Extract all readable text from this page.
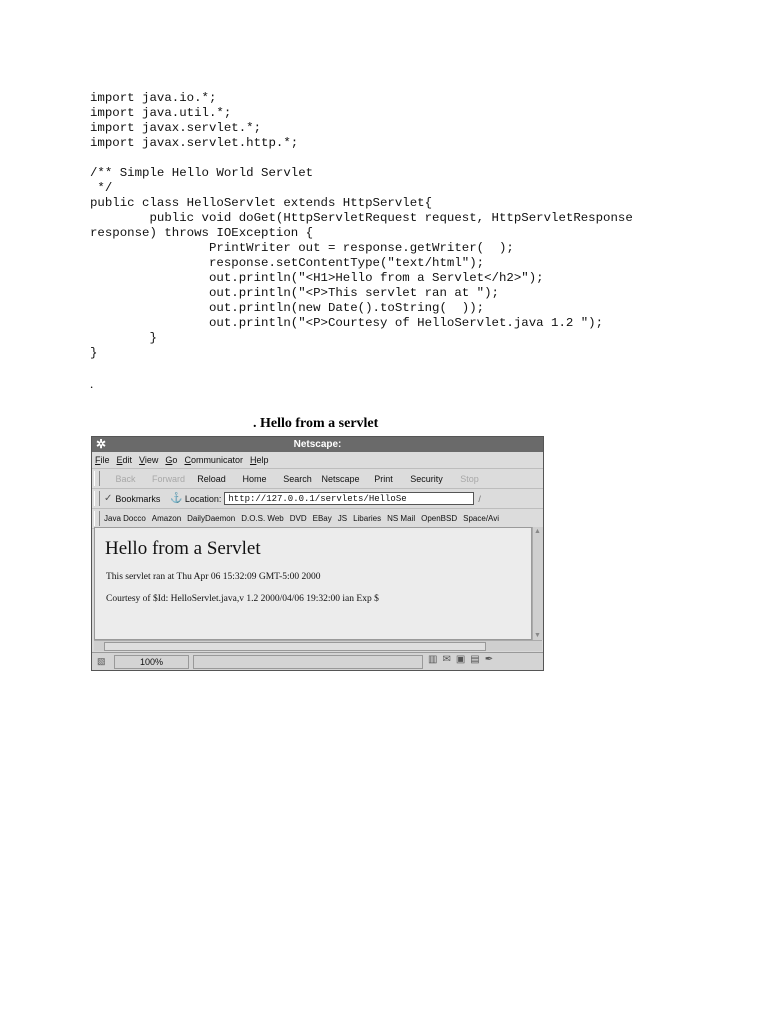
import java.io.*;
import java.util.*;
import javax.servlet.*;
import javax.servlet.http.*;

/** Simple Hello World Servlet
*/
public class HelloServlet extends HttpServlet{
public void doGet(HttpServletRequest request, HttpServletResponse
response) throws IOException {
PrintWriter out = response.getWriter(  );
response.setContentType("text/html");
out.println("<H1>Hello from a Servlet</h2>");
out.println("<P>This servlet ran at ");
out.println(new Date().toString(  ));
out.println("<P>Courtesy of HelloServlet.java 1.2 ");
}
}
.
. Hello from a servlet
✲	Netscape:
File Edit View Go Communicator Help
Back	Forward	Reload	Home	Search	Netscape	Print	Security	Stop
✓ Bookmarks ⚓ Location:
http://127.0.0.1/servlets/HelloSe	/
Java Docco Amazon DailyDaemon D.O.S. Web DVD EBay JS Libaries NS Mail OpenBSD Space/Avi
Hello from a Servlet
This servlet ran at Thu Apr 06 15:32:09 GMT-5:00 2000
Courtesy of $Id: HelloServlet.java,v 1.2 2000/04/06 19:32:00 ian Exp $
▲
▼
▧	100%	▥✉▣▤✒
